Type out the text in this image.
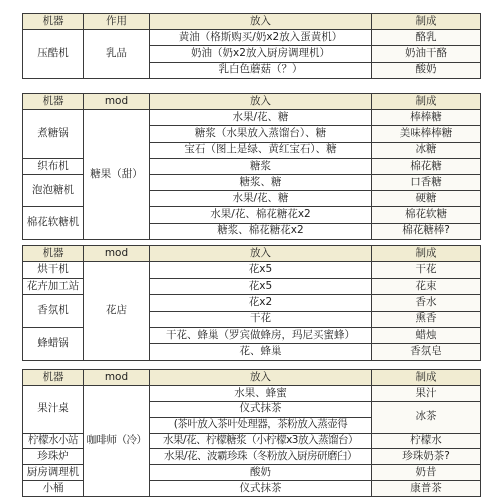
机器	作用	放入	制成
压酷机	乳品	黄油（格斯购买/奶x2放入蛋黄机）	酪乳
		奶油（奶x2放入厨房调理机）	奶油干酪
		乳白色蘑菇（？）	酸奶
机器	mod	放入	制成
煮糖锅	糖果（甜）	水果/花、糖	棒棒糖
		糖浆（水果放入蒸馏台）、糖	美味棒棒糖
		宝石（图上是绿、黄红宝石）、糖	冰糖
织布机		糖浆	棉花糖
泡泡糖机		糖浆、糖	口香糖
		水果/花、糖	硬糖
棉花软糖机		水果/花、棉花糖花x2	棉花软糖
		糖浆、棉花糖花x2	棉花糖棒?
机器	mod	放入	制成
烘干机	花店	花x5	干花
花卉加工站		花x5	花束
香氛机		花x2	香水
		干花	熏香
蜂蜡锅		干花、蜂巢（罗宾做蜂房，玛尼买蜜蜂）	蜡烛
		花、蜂巢	香氛皂
机器	mod	放入	制成
果汁桌	咖啡师（冷）	水果、蜂蜜	果汁
		仪式抹茶	冰茶
		(茶叶放入茶叶处理器，茶粉放入蒸壶得	
柠檬水小站		水果/花、柠檬糖浆（小柠檬x3放入蒸馏台）	柠檬水
珍珠炉		水果/花、波霸珍珠（冬粉放入厨房研磨臼）	珍珠奶茶?
厨房调理机		酸奶	奶昔
小桶		仪式抹茶	康普茶
